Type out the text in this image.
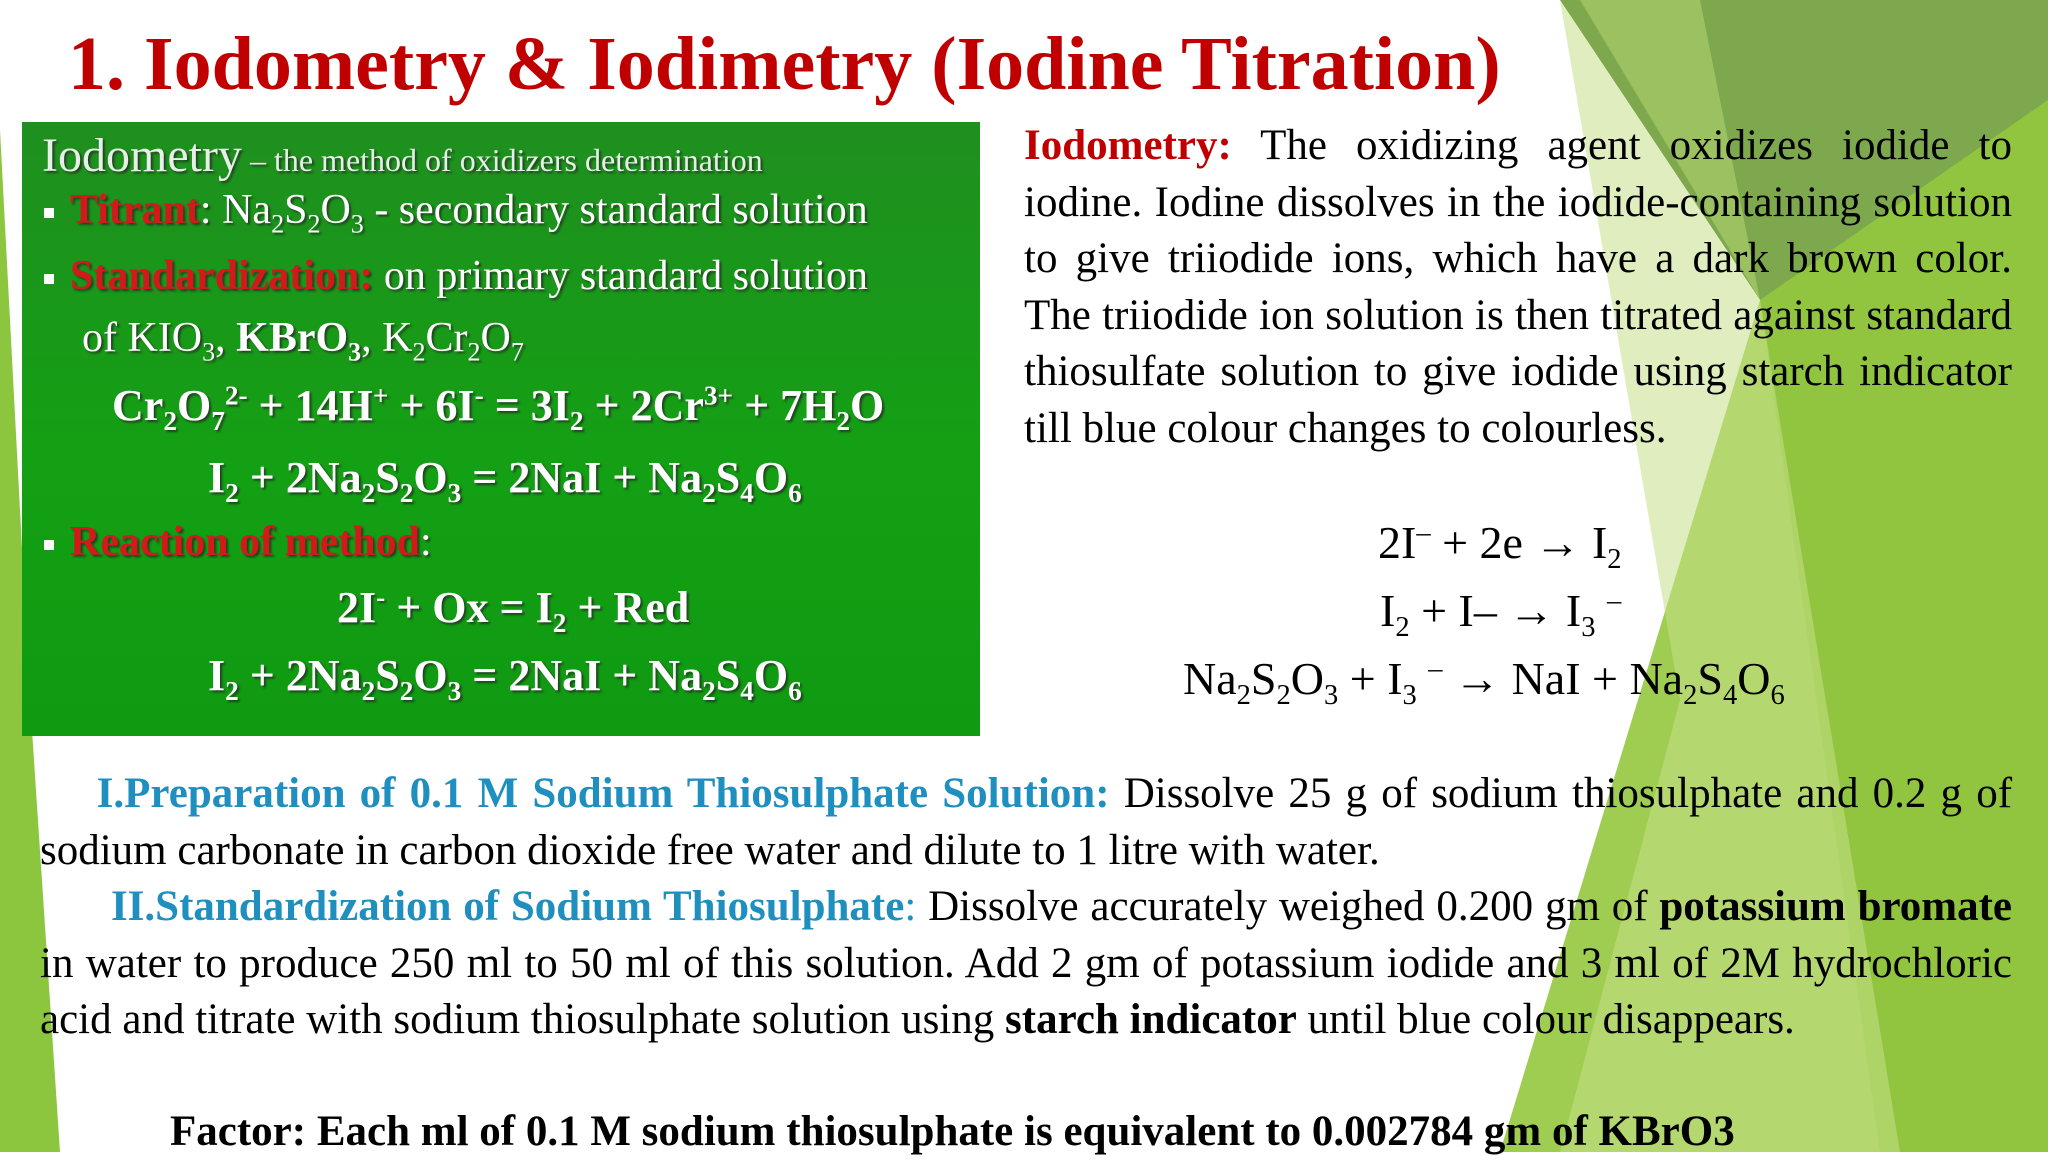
1. Iodometry & Iodimetry (Iodine Titration)
Iodometry – the method of oxidizers determination
Titrant: $Na_2S_2O_3$ - secondary standard solution
Standardization: on primary standard solution
of $KIO_3$, KBrO$_3$, $K_2Cr_2O_7$
$Cr_2O_7^{2-} + 14H^+ + 6I^- = 3I_2 + 2Cr^{3+} + 7H_2O$
$I_2 + 2Na_2S_2O_3 = 2NaI + Na_2S_4O_6$
Reaction of method:
$2I^- + Ox = I_2$ + Red
$I_2 + 2Na_2S_2O_3 = 2NaI + Na_2S_4O_6$

Iodometry: The oxidizing agent oxidizes iodide to iodine. Iodine dissolves in the iodide-containing solution to give triiodide ions, which have a dark brown color. The triiodide ion solution is then titrated against standard thiosulfate solution to give iodide using starch indicator till blue colour changes to colourless.

$2I^- + 2e \to I_2$
$I_2 + I- \to I_3$ –
$Na_2S_2O_3 + I_3$ – → NaI + $Na_2S_4O_6$

I.Preparation of 0.1 M Sodium Thiosulphate Solution: Dissolve 25 g of sodium thiosulphate and 0.2 g of sodium carbonate in carbon dioxide free water and dilute to 1 litre with water.

II.Standardization of Sodium Thiosulphate: Dissolve accurately weighed 0.200 gm of potassium bromate in water to produce 250 ml to 50 ml of this solution. Add 2 gm of potassium iodide and 3 ml of 2M hydrochloric acid and titrate with sodium thiosulphate solution using starch indicator until blue colour disappears.

Factor: Each ml of 0.1 M sodium thiosulphate is equivalent to 0.002784 gm of KBrO3
